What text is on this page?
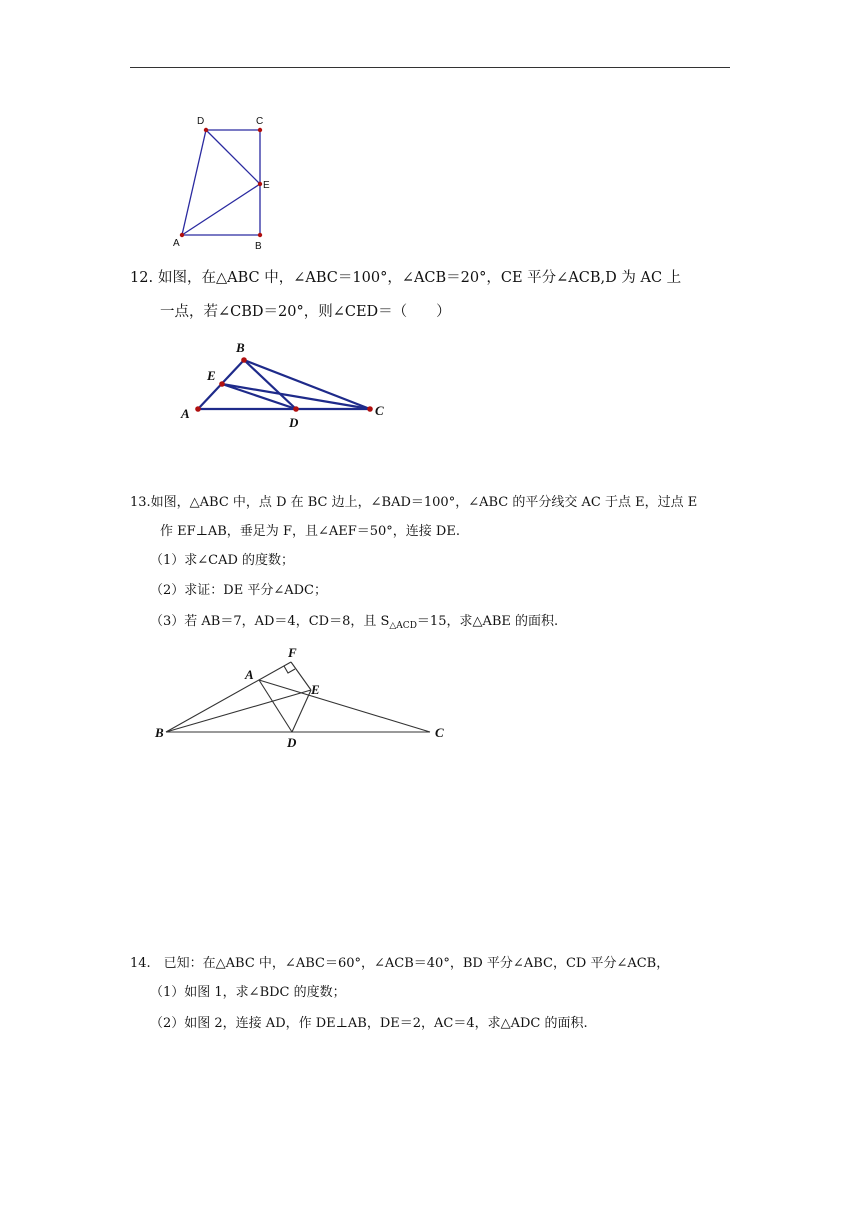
D	C
E
A	B
如图，在△ABC 中，∠ABC＝100°，∠ACB＝20°，CE 平分∠ACB,D 为 AC 上
12.
一点，若∠CBD＝20°，则∠CED＝（　　）
B
E
A
D
C
13.如图，△ABC 中，点 D 在 BC 边上，∠BAD＝100°，∠ABC 的平分线交 AC 于点 E，过点 E
作 EF⊥AB，垂足为 F，且∠AEF＝50°，连接 DE.
（1）求∠CAD 的度数；
（2）求证：DE 平分∠ADC；
（3）若 AB＝7，AD＝4，CD＝8，且 $S_{\triangle ACD}=15$，求△ABE 的面积.
F
A
E
B
D
C
14.　已知：在△ABC 中，∠ABC＝60°，∠ACB＝40°，BD 平分∠ABC，CD 平分∠ACB，
（1）如图 1，求∠BDC 的度数；
（2）如图 2，连接 AD，作 DE⊥AB，DE＝2，AC＝4，求△ADC 的面积.
